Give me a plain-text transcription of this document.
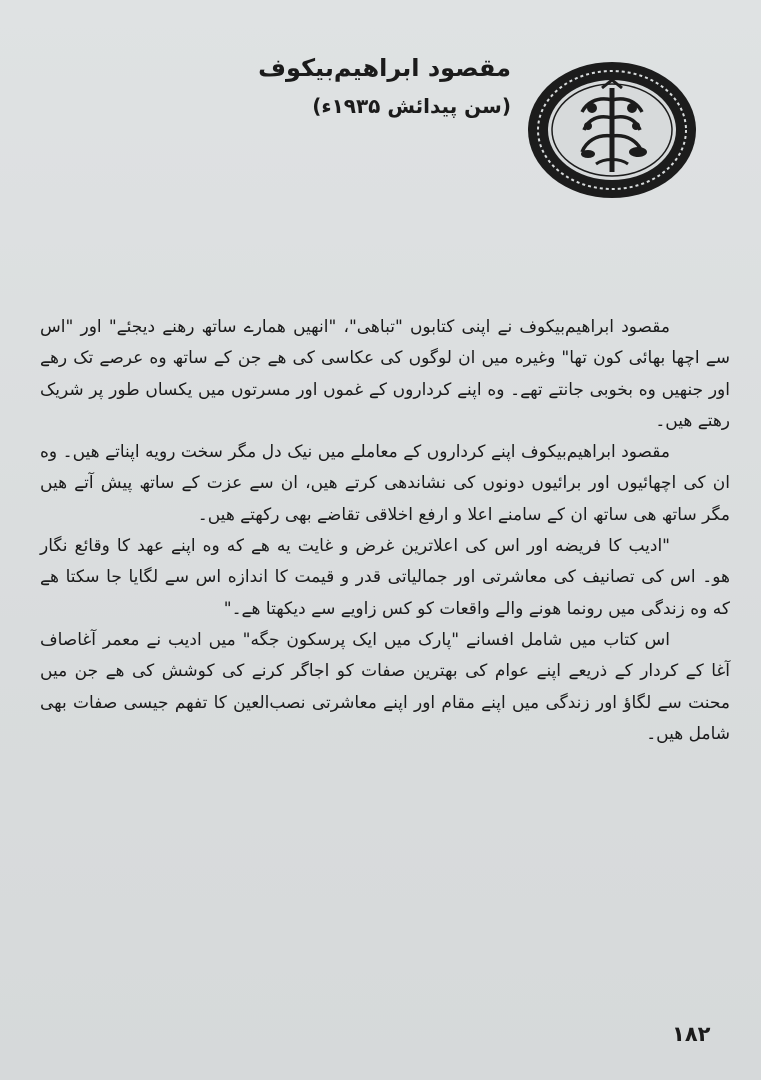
مقصود ابراهیم‌بیکوف

(سن پیدائش ۱۹۳۵ء)

مقصود ابراهیم‌بیکوف نے اپنی کتابوں "تباهی"، "انهیں همارے ساتھ رهنے دیجئے" اور "اس سے اچھا بھائی کون تھا" وغیره میں ان لوگوں کی عکاسی کی هے جن کے ساتھ وه عرصے تک رهے اور جنهیں وه بخوبی جانتے تھے۔ وه اپنے کرداروں کے غموں اور مسرتوں میں یکساں طور پر شریک رهتے هیں۔

مقصود ابراهیم‌بیکوف اپنے کرداروں کے معاملے میں نیک دل مگر سخت رویه اپناتے هیں۔ وه ان کی اچھائیوں اور برائیوں دونوں کی نشاندهی کرتے هیں، ان سے عزت کے ساتھ پیش آتے هیں مگر ساتھ هی ساتھ ان کے سامنے اعلا و ارفع اخلاقی تقاضے بھی رکھتے هیں۔

"ادیب کا فریضه اور اس کی اعلاترین غرض و غایت یه هے که وه اپنے عهد کا وقائع نگار هو۔ اس کی تصانیف کی معاشرتی اور جمالیاتی قدر و قیمت کا اندازه اس سے لگایا جا سکتا هے که وه زندگی میں رونما هونے والے واقعات کو کس زاویے سے دیکھتا هے۔"

اس کتاب میں شامل افسانے "پارک میں ایک پرسکون جگه" میں ادیب نے معمر آغاصاف آغا کے کردار کے ذریعے اپنے عوام کی بهترین صفات کو اجاگر کرنے کی کوشش کی هے جن میں محنت سے لگاؤ اور زندگی میں اپنے مقام اور اپنے معاشرتی نصب‌العین کا تفهم جیسی صفات بھی شامل هیں۔

۱۸۲
